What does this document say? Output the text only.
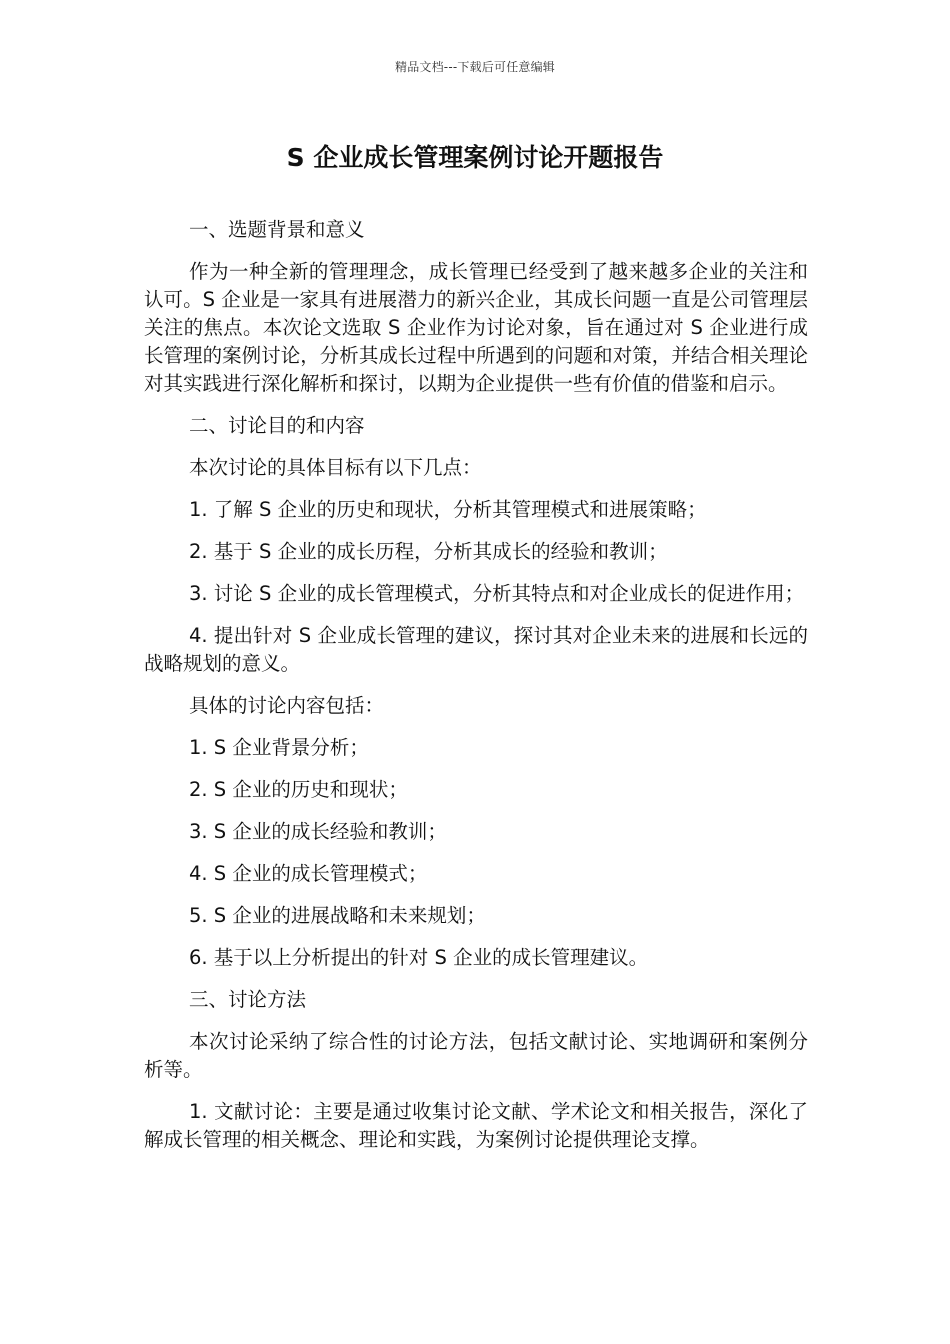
精品文档---下载后可任意编辑
S 企业成长管理案例讨论开题报告

一、选题背景和意义

作为一种全新的管理理念，成长管理已经受到了越来越多企业的关注和认可。S 企业是一家具有进展潜力的新兴企业，其成长问题一直是公司管理层关注的焦点。本次论文选取 S 企业作为讨论对象，旨在通过对 S 企业进行成长管理的案例讨论，分析其成长过程中所遇到的问题和对策，并结合相关理论对其实践进行深化解析和探讨，以期为企业提供一些有价值的借鉴和启示。

二、讨论目的和内容

本次讨论的具体目标有以下几点：

1. 了解 S 企业的历史和现状，分析其管理模式和进展策略；

2. 基于 S 企业的成长历程，分析其成长的经验和教训；

3. 讨论 S 企业的成长管理模式，分析其特点和对企业成长的促进作用；

4. 提出针对 S 企业成长管理的建议，探讨其对企业未来的进展和长远的战略规划的意义。

具体的讨论内容包括：

1. S 企业背景分析；

2. S 企业的历史和现状；

3. S 企业的成长经验和教训；

4. S 企业的成长管理模式；

5. S 企业的进展战略和未来规划；

6. 基于以上分析提出的针对 S 企业的成长管理建议。

三、讨论方法

本次讨论采纳了综合性的讨论方法，包括文献讨论、实地调研和案例分析等。

1. 文献讨论：主要是通过收集讨论文献、学术论文和相关报告，深化了解成长管理的相关概念、理论和实践，为案例讨论提供理论支撑。
